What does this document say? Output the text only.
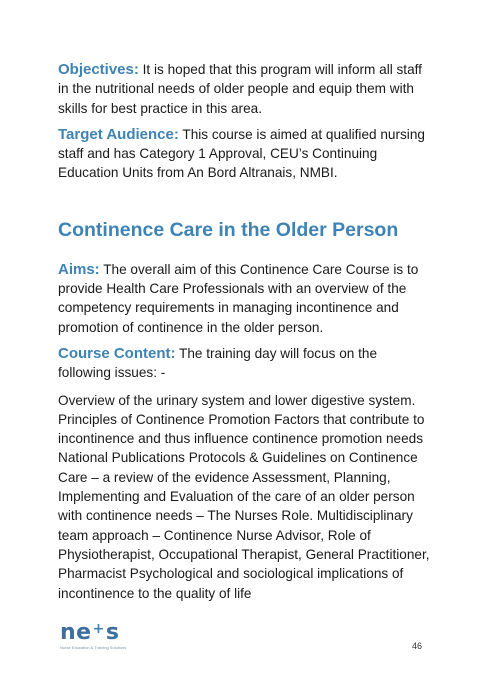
Objectives: It is hoped that this program will inform all staff in the nutritional needs of older people and equip them with skills for best practice in this area.

Target Audience: This course is aimed at qualified nursing staff and has Category 1 Approval, CEU’s Continuing Education Units from An Bord Altranais, NMBI.

Continence Care in the Older Person

Aims: The overall aim of this Continence Care Course is to provide Health Care Professionals with an overview of the competency requirements in managing incontinence and promotion of continence in the older person.

Course Content: The training day will focus on the following issues: -

Overview of the urinary system and lower digestive system. Principles of Continence Promotion Factors that contribute to incontinence and thus influence continence promotion needs National Publications Protocols & Guidelines on Continence Care – a review of the evidence Assessment, Planning, Implementing and Evaluation of the care of an older person with continence needs – The Nurses Role. Multidisciplinary team approach – Continence Nurse Advisor, Role of Physiotherapist, Occupational Therapist, General Practitioner, Pharmacist Psychological and sociological implications of incontinence to the quality of life

ne + s
Nurse Education & Training Solutions	46
